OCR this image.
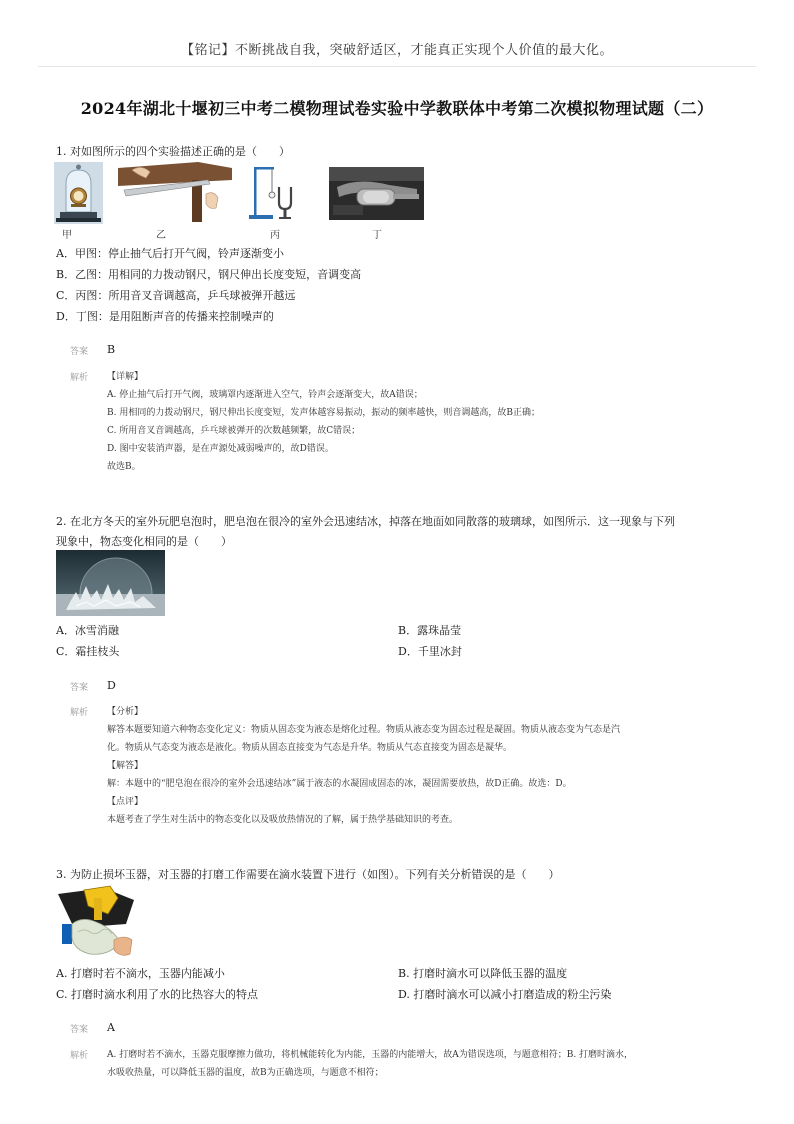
【铭记】不断挑战自我，突破舒适区，才能真正实现个人价值的最大化。
2024年湖北十堰初三中考二模物理试卷实验中学教联体中考第二次模拟物理试题（二）
1. 对如图所示的四个实验描述正确的是（　　）
甲	乙	丙	丁
A．甲图：停止抽气后打开气阀，铃声逐渐变小
B．乙图：用相同的力拨动钢尺，钢尺伸出长度变短，音调变高
C．丙图：所用音叉音调越高，乒乓球被弹开越远
D．丁图：是用阻断声音的传播来控制噪声的
答案 B
解析 【详解】
A. 停止抽气后打开气阀，玻璃罩内逐渐进入空气，铃声会逐渐变大，故A错误；
B. 用相同的力拨动钢尺，钢尺伸出长度变短，发声体越容易振动，振动的频率越快，则音调越高，故B正确；
C. 所用音叉音调越高，乒乓球被弹开的次数越频繁，故C错误；
D. 图中安装消声器，是在声源处减弱噪声的，故D错误。
故选B。
2. 在北方冬天的室外玩肥皂泡时，肥皂泡在很冷的室外会迅速结冰，掉落在地面如同散落的玻璃球，如图所示．这一现象与下列
现象中，物态变化相同的是（　　）
A．冰雪消融	B．露珠晶莹
C．霜挂枝头	D．千里冰封
答案 D
解析 【分析】
解答本题要知道六种物态变化定义：物质从固态变为液态是熔化过程。物质从液态变为固态过程是凝固。物质从液态变为气态是汽
化。物质从气态变为液态是液化。物质从固态直接变为气态是升华。物质从气态直接变为固态是凝华。
【解答】
解：本题中的“肥皂泡在很冷的室外会迅速结冰”属于液态的水凝固成固态的冰，凝固需要放热，故D正确。故选：D。
【点评】
本题考查了学生对生活中的物态变化以及吸放热情况的了解，属于热学基础知识的考查。
3. 为防止损坏玉器，对玉器的打磨工作需要在滴水装置下进行（如图）。下列有关分析错误的是（　　）
A. 打磨时若不滴水，玉器内能减小	B. 打磨时滴水可以降低玉器的温度
C. 打磨时滴水利用了水的比热容大的特点	D. 打磨时滴水可以减小打磨造成的粉尘污染
答案 A
解析 A. 打磨时若不滴水，玉器克服摩擦力做功，将机械能转化为内能，玉器的内能增大，故A为错误选项，与题意相符；B. 打磨时滴水，
水吸收热量，可以降低玉器的温度，故B为正确选项，与题意不相符；
